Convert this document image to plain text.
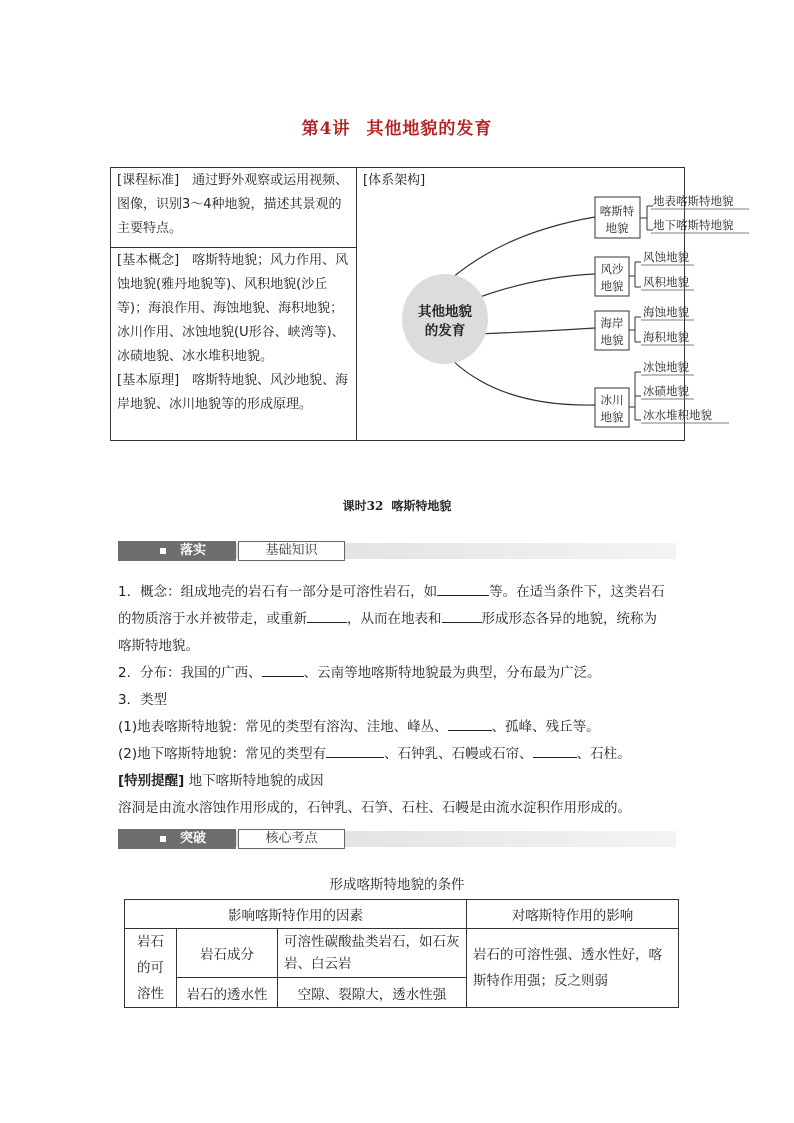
第4讲 其他地貌的发育
[课程标准]　通过野外观察或运用视频、图像，识别3～4种地貌，描述其景观的主要特点。
[基本概念]　喀斯特地貌；风力作用、风蚀地貌(雅丹地貌等)、风积地貌(沙丘等)；海浪作用、海蚀地貌、海积地貌；冰川作用、冰蚀地貌(U形谷、峡湾等)、冰碛地貌、冰水堆积地貌。
[基本原理]　喀斯特地貌、风沙地貌、海岸地貌、冰川地貌等的形成原理。
[体系架构]
其他地貌
的发育
喀斯特
地貌
地表喀斯特地貌
地下喀斯特地貌
风沙
地貌
风蚀地貌
风积地貌
海岸
地貌
海蚀地貌
海积地貌
冰川
地貌
冰蚀地貌
冰碛地貌
冰水堆积地貌
课时32 喀斯特地貌
落实	基础知识
1．概念：组成地壳的岩石有一部分是可溶性岩石，如	等。在适当条件下，这类岩石
的物质溶于水并被带走，或重新	，从而在地表和	形成形态各异的地貌，统称为
喀斯特地貌。
2．分布：我国的广西、	、云南等地喀斯特地貌最为典型，分布最为广泛。
3．类型
(1)地表喀斯特地貌：常见的类型有溶沟、洼地、峰丛、	、孤峰、残丘等。
(2)地下喀斯特地貌：常见的类型有	、石钟乳、石幔或石帘、	、石柱。
[特别提醒] 地下喀斯特地貌的成因
溶洞是由流水溶蚀作用形成的，石钟乳、石笋、石柱、石幔是由流水淀积作用形成的。
突破	核心考点
形成喀斯特地貌的条件
影响喀斯特作用的因素			对喀斯特作用的影响

岩石
的可
溶性	岩石成分	可溶性碳酸盐类岩石，如石灰岩、白云岩	岩石的可溶性强、透水性好，喀斯特作用强；反之则弱
	岩石的透水性	空隙、裂隙大，透水性强	
